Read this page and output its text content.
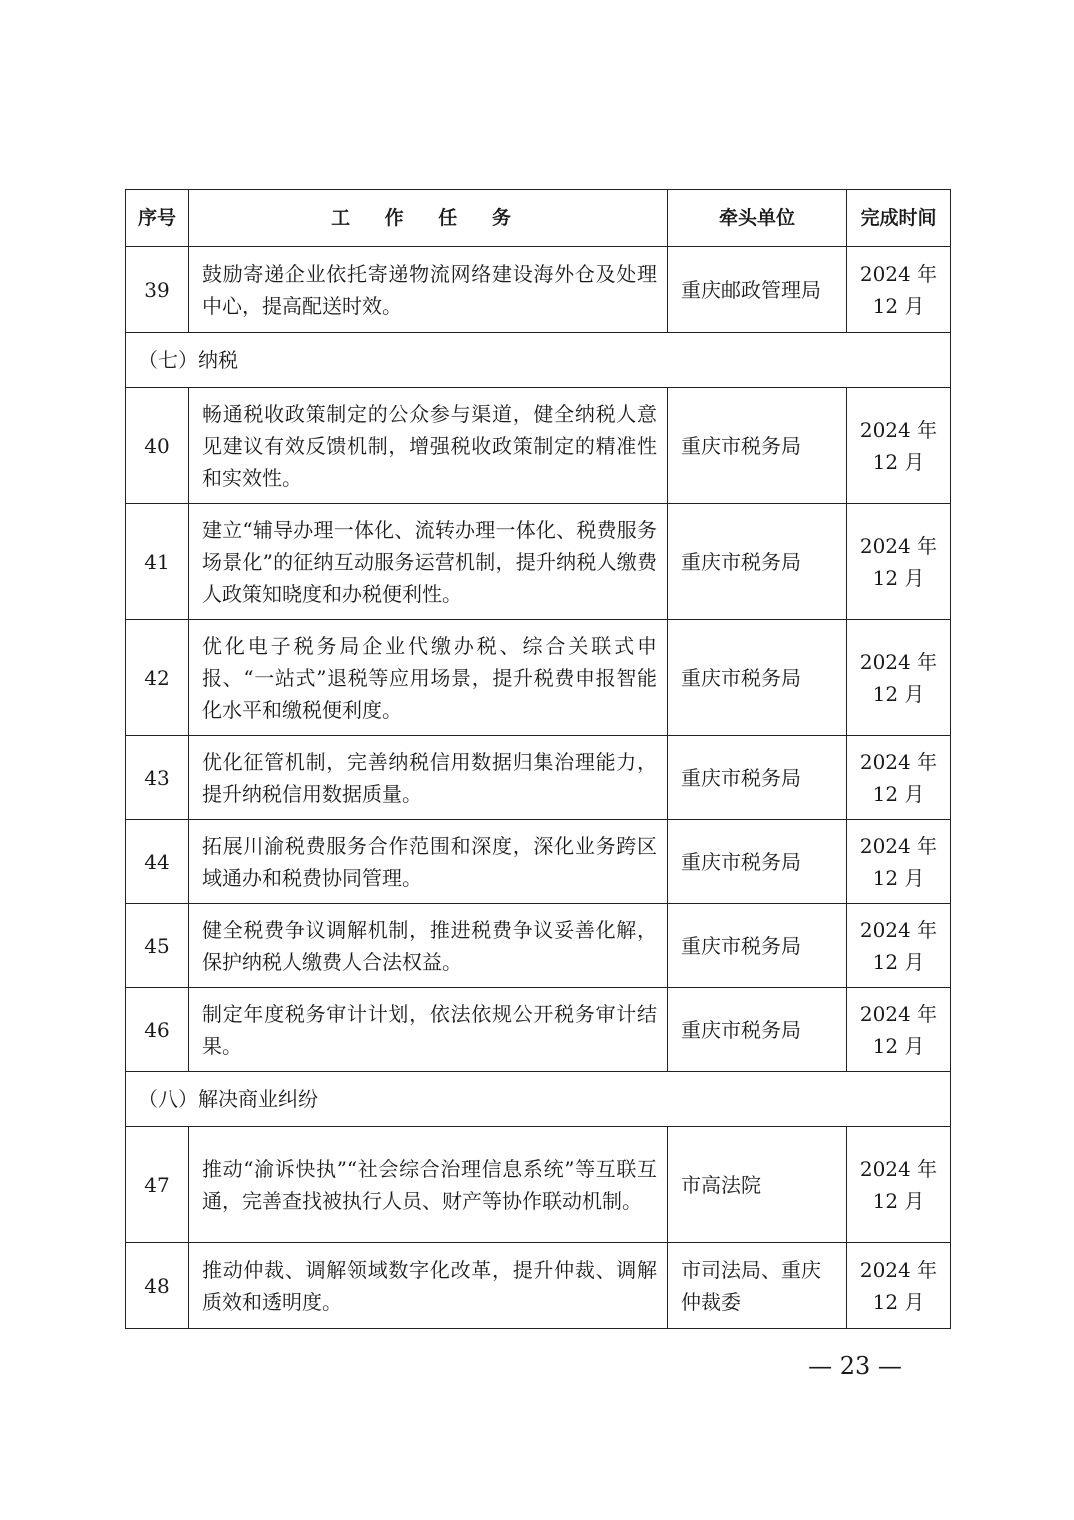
序号	工 作 任 务	牵头单位	完成时间
39	鼓励寄递企业依托寄递物流网络建设海外仓及处理中心，提高配送时效。	重庆邮政管理局	2024 年
12 月

（七）纳税			
40	畅通税收政策制定的公众参与渠道，健全纳税人意见建议有效反馈机制，增强税收政策制定的精准性和实效性。	重庆市税务局	2024 年
12 月

41	建立“辅导办理一体化、流转办理一体化、税费服务场景化”的征纳互动服务运营机制，提升纳税人缴费人政策知晓度和办税便利性。	重庆市税务局	2024 年
12 月

42	优化电子税务局企业代缴办税、综合关联式申报、“一站式”退税等应用场景，提升税费申报智能化水平和缴税便利度。	重庆市税务局	2024 年
12 月

43	优化征管机制，完善纳税信用数据归集治理能力，提升纳税信用数据质量。	重庆市税务局	2024 年
12 月

44	拓展川渝税费服务合作范围和深度，深化业务跨区域通办和税费协同管理。	重庆市税务局	2024 年
12 月

45	健全税费争议调解机制，推进税费争议妥善化解，保护纳税人缴费人合法权益。	重庆市税务局	2024 年
12 月

46	制定年度税务审计计划，依法依规公开税务审计结果。	重庆市税务局	2024 年
12 月

（八）解决商业纠纷			
47	推动“渝诉快执”“社会综合治理信息系统”等互联互通，完善查找被执行人员、财产等协作联动机制。	市高法院	2024 年
12 月

48	推动仲裁、调解领域数字化改革，提升仲裁、调解质效和透明度。	市司法局、重庆仲裁委	2024 年
12 月
— 23 —
